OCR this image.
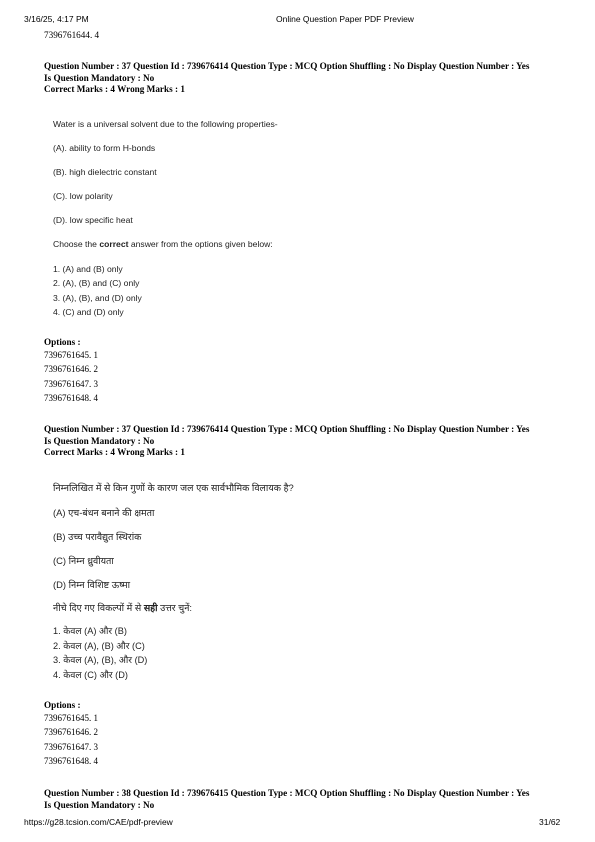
3/16/25, 4:17 PM	Online Question Paper PDF Preview
7396761644. 4
Question Number : 37 Question Id : 739676414 Question Type : MCQ Option Shuffling : No Display Question Number : Yes
Is Question Mandatory : No
Correct Marks : 4 Wrong Marks : 1
Water is a universal solvent due to the following properties-
(A). ability to form H-bonds
(B). high dielectric constant
(C). low polarity
(D). low specific heat
Choose the correct answer from the options given below:
1. (A) and (B) only
2. (A), (B) and (C) only
3. (A), (B), and (D) only
4. (C) and (D) only
Options :
7396761645. 1
7396761646. 2
7396761647. 3
7396761648. 4
Question Number : 37 Question Id : 739676414 Question Type : MCQ Option Shuffling : No Display Question Number : Yes
Is Question Mandatory : No
Correct Marks : 4 Wrong Marks : 1
निम्नलिखित में से किन गुणों के कारण जल एक सार्वभौमिक विलायक है?
(A) एच-बंधन बनाने की क्षमता
(B) उच्च परावैद्युत स्थिरांक
(C) निम्न ध्रुवीयता
(D) निम्न विशिष्ट ऊष्मा
नीचे दिए गए विकल्पों में से सही उत्तर चुनें:
1. केवल (A) और (B)
2. केवल (A), (B) और (C)
3. केवल (A), (B), और (D)
4. केवल (C) और (D)
Options :
7396761645. 1
7396761646. 2
7396761647. 3
7396761648. 4
Question Number : 38 Question Id : 739676415 Question Type : MCQ Option Shuffling : No Display Question Number : Yes
Is Question Mandatory : No
https://g28.tcsion.com/CAE/pdf-preview	31/62
